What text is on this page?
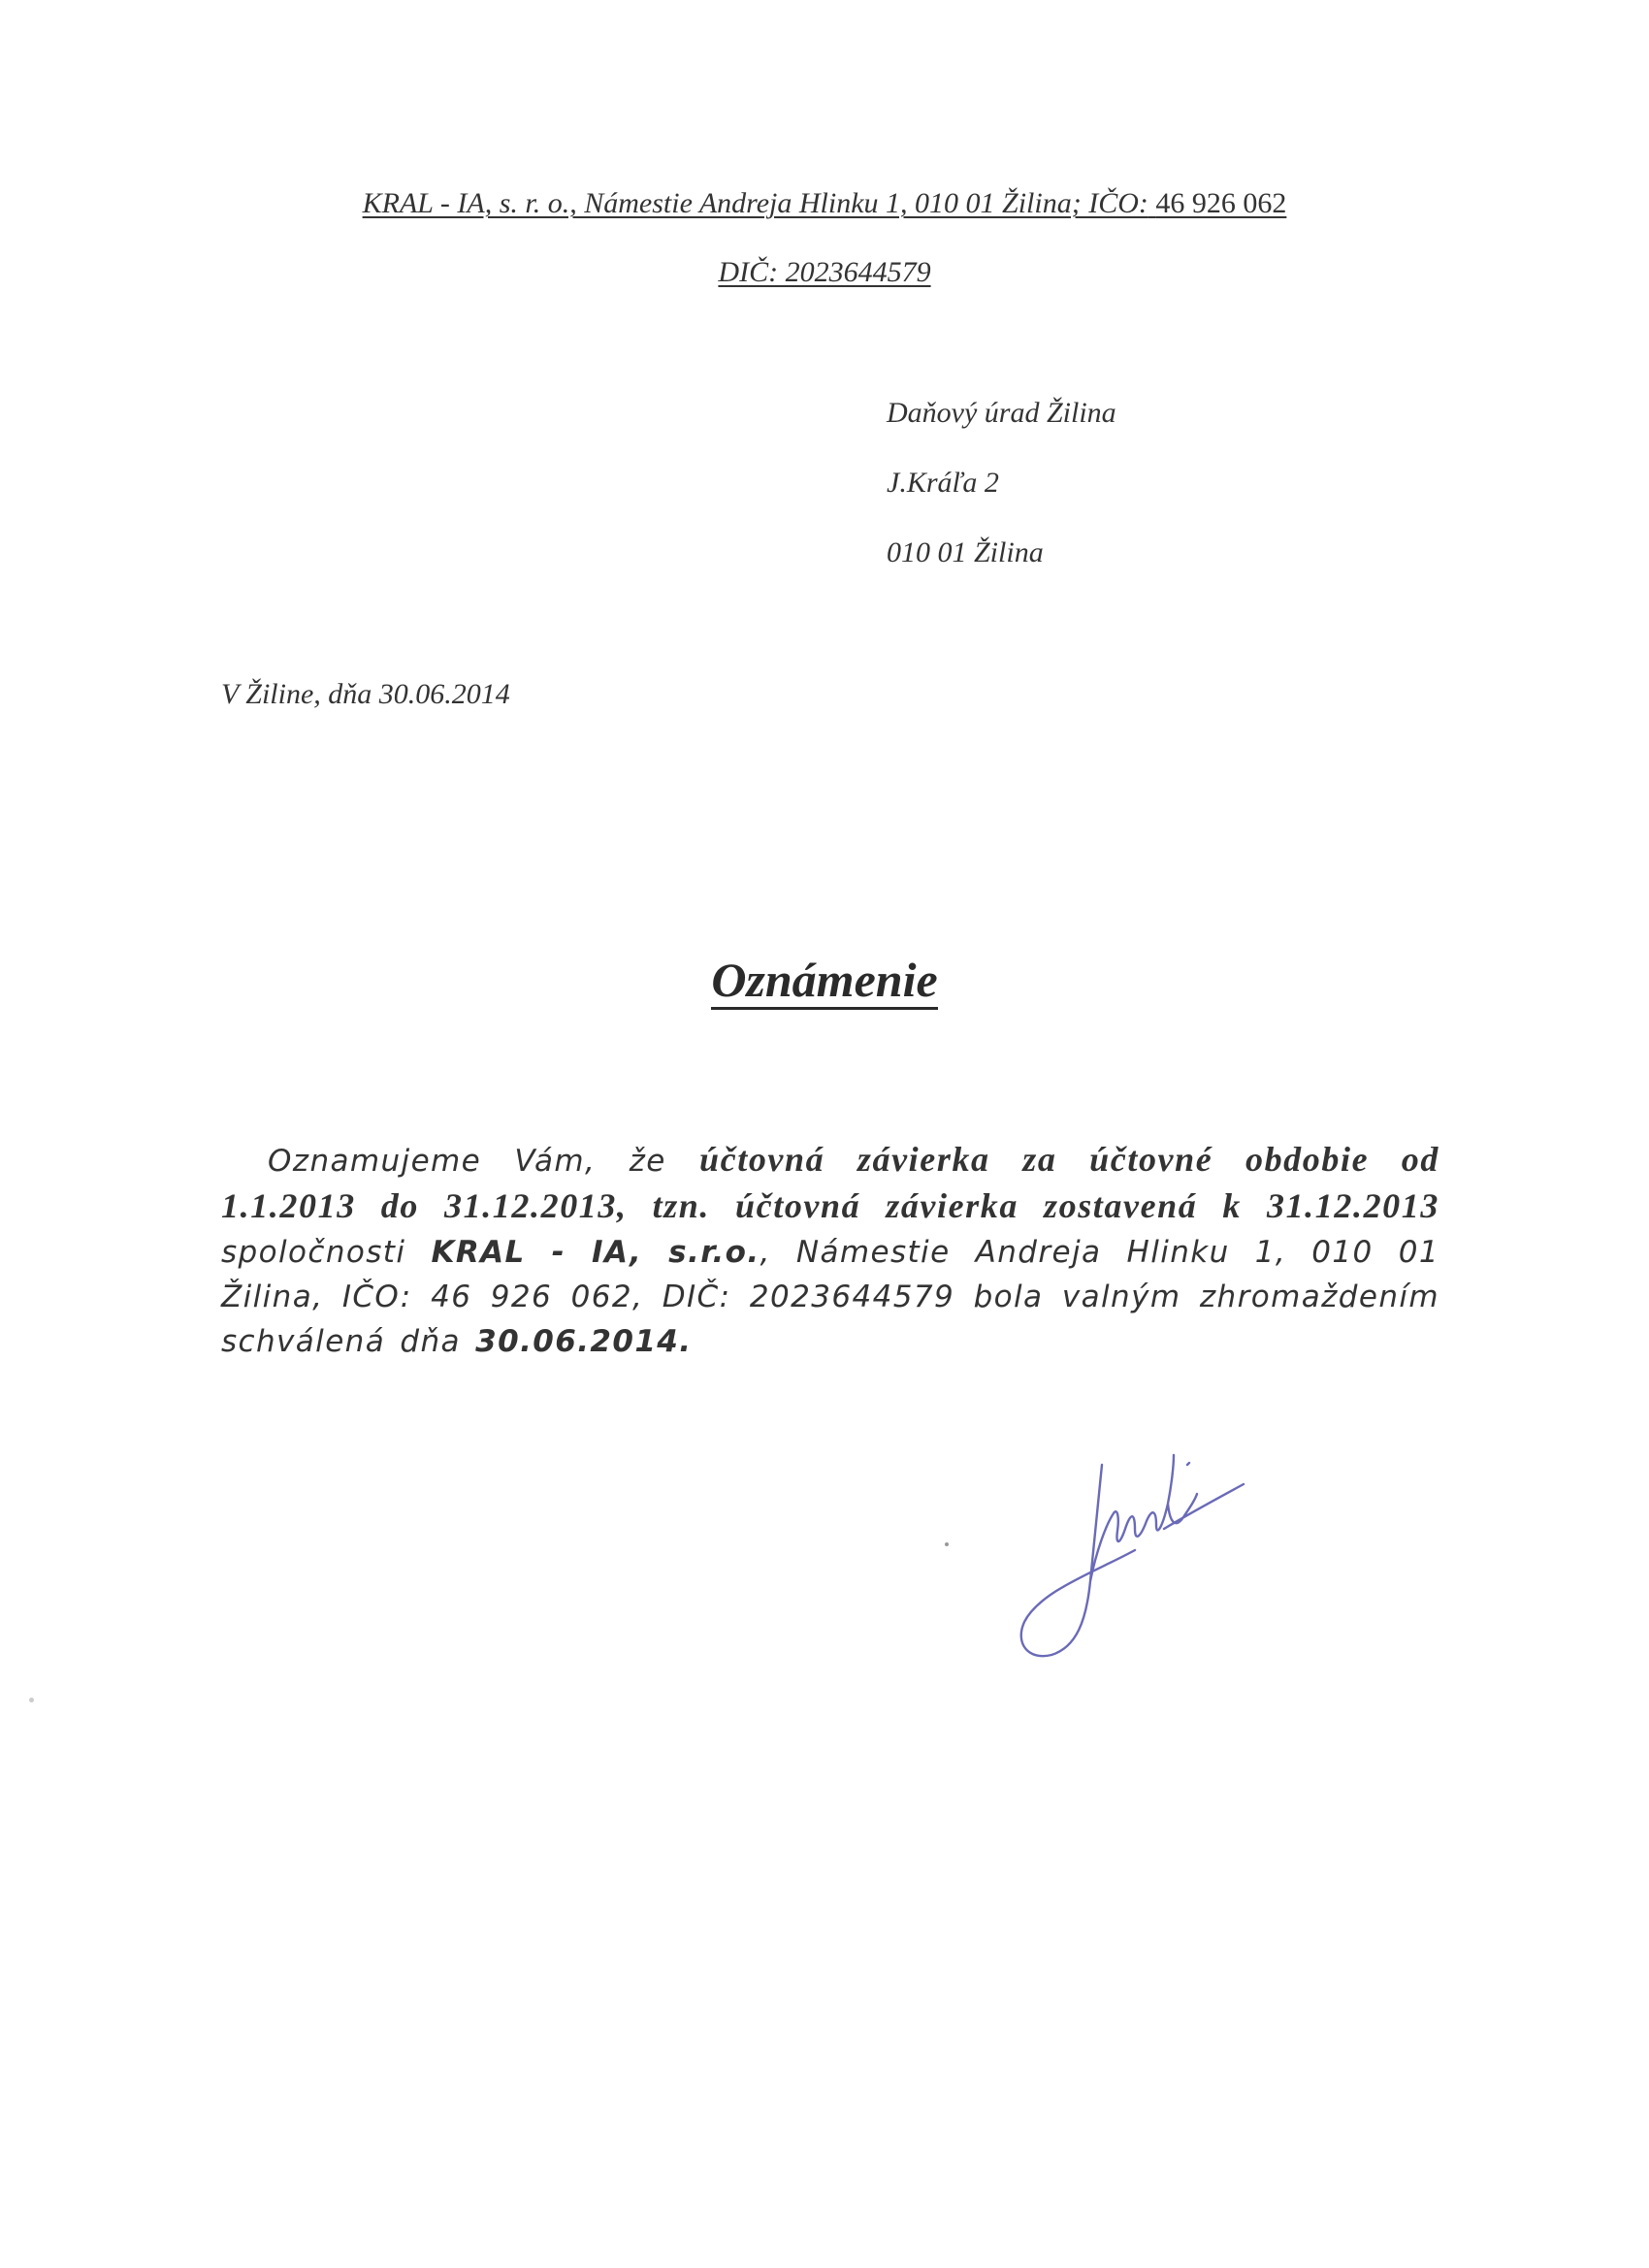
KRAL - IA, s. r. o., Námestie Andreja Hlinku 1, 010 01 Žilina; IČO: 46 926 062
DIČ: 2023644579
Daňový úrad Žilina
J.Kráľa 2
010 01 Žilina
V Žiline, dňa 30.06.2014
Oznámenie
Oznamujeme Vám, že účtovná závierka za účtovné obdobie od 1.1.2013 do 31.12.2013, tzn. účtovná závierka zostavená k 31.12.2013 spoločnosti KRAL - IA, s.r.o., Námestie Andreja Hlinku 1, 010 01 Žilina, IČO: 46 926 062, DIČ: 2023644579 bola valným zhromaždením schválená dňa 30.06.2014.
